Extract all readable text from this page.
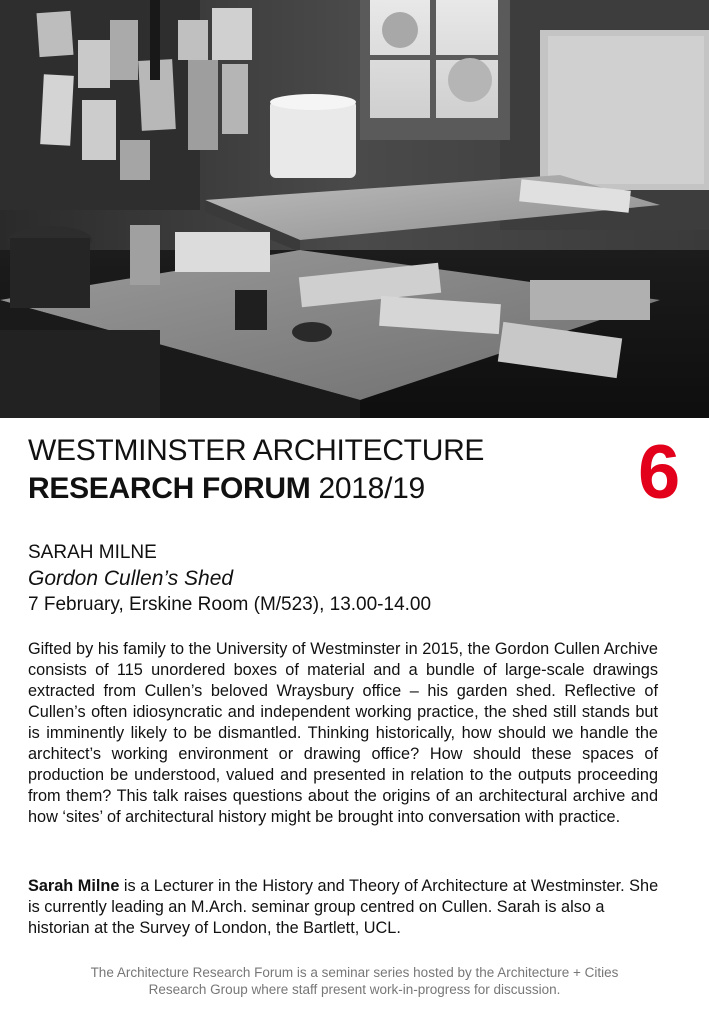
WESTMINSTER ARCHITECTURE
RESEARCH FORUM 2018/19	6
SARAH MILNE
Gordon Cullen’s Shed
7 February, Erskine Room (M/523), 13.00-14.00
Gifted by his family to the University of Westminster in 2015, the Gordon Cullen Archive consists of 115 unordered boxes of material and a bundle of large-scale drawings extracted from Cullen’s beloved Wraysbury office – his garden shed. Reflective of Cullen’s often idiosyncratic and independent working practice, the shed still stands but is imminently likely to be dismantled. Thinking historically, how should we handle the architect’s working environment or drawing office? How should these spaces of production be understood, valued and presented in relation to the outputs proceeding from them? This talk raises questions about the origins of an architectural archive and how ‘sites’ of architectural history might be brought into conversation with practice.
Sarah Milne is a Lecturer in the History and Theory of Architecture at Westminster. She is currently leading an M.Arch. seminar group centred on Cullen. Sarah is also a historian at the Survey of London, the Bartlett, UCL.
The Architecture Research Forum is a seminar series hosted by the Architecture + Cities
Research Group where staff present work-in-progress for discussion.
